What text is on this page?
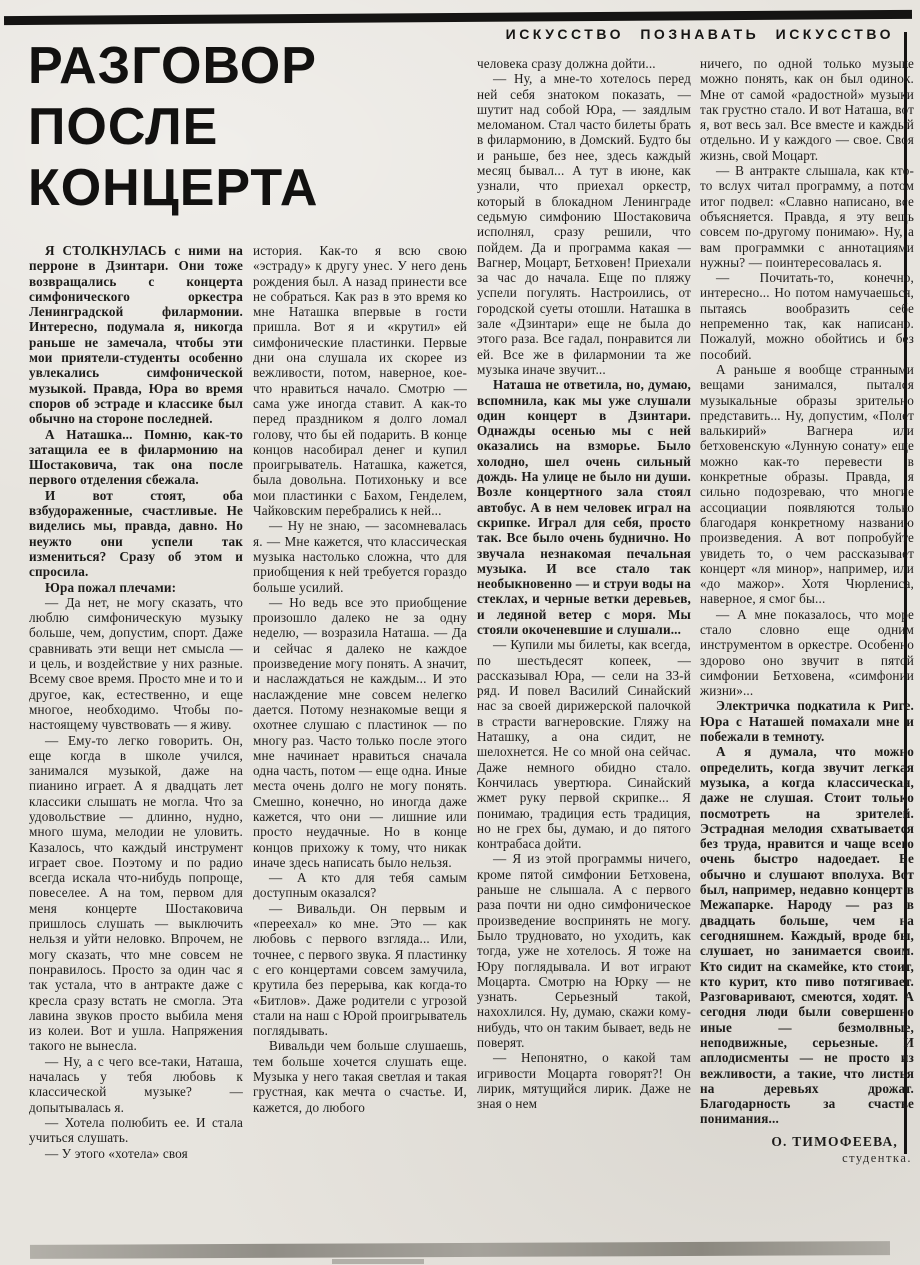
ИСКУССТВО ПОЗНАВАТЬ ИСКУССТВО
РАЗГОВОР
ПОСЛЕ
КОНЦЕРТА

Я СТОЛКНУЛАСЬ с ними на перроне в Дзинтари. Они тоже возвращались с концерта симфонического оркестра Ленинградской филармонии. Интересно, подумала я, никогда раньше не замечала, чтобы эти мои приятели-студенты особенно увлекались симфонической музыкой. Правда, Юра во время споров об эстраде и классике был обычно на стороне последней.

А Наташка... Помню, как-то затащила ее в филармонию на Шостаковича, так она после первого отделения сбежала.

И вот стоят, оба взбудораженные, счастливые. Не виделись мы, правда, давно. Но неужто они успели так измениться? Сразу об этом и спросила.

Юра пожал плечами:

— Да нет, не могу сказать, что люблю симфоническую музыку больше, чем, допустим, спорт. Даже сравнивать эти вещи нет смысла — и цель, и воздействие у них разные. Всему свое время. Просто мне и то и другое, как, естественно, и еще многое, необходимо. Чтобы по-настоящему чувствовать — я живу.

— Ему-то легко говорить. Он, еще когда в школе учился, занимался музыкой, даже на пианино играет. А я двадцать лет классики слышать не могла. Что за удовольствие — длинно, нудно, много шума, мелодии не уловить. Казалось, что каждый инструмент играет свое. Поэтому и по радио всегда искала что-нибудь попроще, повеселее. А на том, первом для меня концерте Шостаковича пришлось слушать — выключить нельзя и уйти неловко. Впрочем, не могу сказать, что мне совсем не понравилось. Просто за один час я так устала, что в антракте даже с кресла сразу встать не смогла. Эта лавина звуков просто выбила меня из колеи. Вот и ушла. Напряжения такого не вынесла.

— Ну, а с чего все-таки, Наташа, началась у тебя любовь к классической музыке? — допытывалась я.

— Хотела полюбить ее. И стала учиться слушать.

— У этого «хотела» своя

история. Как-то я всю свою «эстраду» к другу унес. У него день рождения был. А назад принести все не собраться. Как раз в это время ко мне Наташка впервые в гости пришла. Вот я и «крутил» ей симфонические пластинки. Первые дни она слушала их скорее из вежливости, потом, наверное, кое-что нравиться начало. Смотрю — сама уже иногда ставит. А как-то перед праздником я долго ломал голову, что бы ей подарить. В конце концов насобирал денег и купил проигрыватель. Наташка, кажется, была довольна. Потихоньку и все мои пластинки с Бахом, Генделем, Чайковским перебрались к ней...

— Ну не знаю, — засомневалась я. — Мне кажется, что классическая музыка настолько сложна, что для приобщения к ней требуется гораздо больше усилий.

— Но ведь все это приобщение произошло далеко не за одну неделю, — возразила Наташа. — Да и сейчас я далеко не каждое произведение могу понять. А значит, и наслаждаться не каждым... И это наслаждение мне совсем нелегко дается. Потому незнакомые вещи я охотнее слушаю с пластинок — по многу раз. Часто только после этого мне начинает нравиться сначала одна часть, потом — еще одна. Иные места очень долго не могу понять. Смешно, конечно, но иногда даже кажется, что они — лишние или просто неудачные. Но в конце концов прихожу к тому, что никак иначе здесь написать было нельзя.

— А кто для тебя самым доступным оказался?

— Вивальди. Он первым и «переехал» ко мне. Это — как любовь с первого взгляда... Или, точнее, с первого звука. Я пластинку с его концертами совсем замучила, крутила без перерыва, как когда-то «Битлов». Даже родители с угрозой стали на наш с Юрой проигрыватель поглядывать.

Вивальди чем больше слушаешь, тем больше хочется слушать еще. Музыка у него такая светлая и такая грустная, как мечта о счастье. И, кажется, до любого

человека сразу должна дойти...

— Ну, а мне-то хотелось перед ней себя знатоком показать, — шутит над собой Юра, — заядлым меломаном. Стал часто билеты брать в филармонию, в Домский. Будто бы и раньше, без нее, здесь каждый месяц бывал... А тут в июне, как узнали, что приехал оркестр, который в блокадном Ленинграде седьмую симфонию Шостаковича исполнял, сразу решили, что пойдем. Да и программа какая — Вагнер, Моцарт, Бетховен! Приехали за час до начала. Еще по пляжу успели погулять. Настроились, от городской суеты отошли. Наташка в зале «Дзинтари» еще не была до этого раза. Все гадал, понравится ли ей. Все же в филармонии та же музыка иначе звучит...

Наташа не ответила, но, думаю, вспомнила, как мы уже слушали один концерт в Дзинтари. Однажды осенью мы с ней оказались на взморье. Было холодно, шел очень сильный дождь. На улице не было ни души. Возле концертного зала стоял автобус. А в нем человек играл на скрипке. Играл для себя, просто так. Все было очень буднично. Но звучала незнакомая печальная музыка. И все стало так необыкновенно — и струи воды на стеклах, и черные ветки деревьев, и ледяной ветер с моря. Мы стояли окоченевшие и слушали...

— Купили мы билеты, как всегда, по шестьдесят копеек, — рассказывал Юра, — сели на 33-й ряд. И повел Василий Синайский нас за своей дирижерской палочкой в страсти вагнеровские. Гляжу на Наташку, а она сидит, не шелохнется. Не со мной она сейчас. Даже немного обидно стало. Кончилась увертюра. Синайский жмет руку первой скрипке... Я понимаю, традиция есть традиция, но не грех бы, думаю, и до пятого контрабаса дойти.

— Я из этой программы ничего, кроме пятой симфонии Бетховена, раньше не слышала. А с первого раза почти ни одно симфоническое произведение воспринять не могу. Было трудновато, но уходить, как тогда, уже не хотелось. Я тоже на Юру поглядывала. И вот играют Моцарта. Смотрю на Юрку — не узнать. Серьезный такой, нахохлился. Ну, думаю, скажи кому-нибудь, что он таким бывает, ведь не поверят.

— Непонятно, о какой там игривости Моцарта говорят?! Он лирик, мятущийся лирик. Даже не зная о нем

ничего, по одной только музыке можно понять, как он был одинок. Мне от самой «радостной» музыки так грустно стало. И вот Наташа, вот я, вот весь зал. Все вместе и каждый отдельно. И у каждого — свое. Своя жизнь, свой Моцарт.

— В антракте слышала, как кто-то вслух читал программу, а потом итог подвел: «Славно написано, все объясняется. Правда, я эту вещь совсем по-другому понимаю». Ну, а вам программки с аннотациями нужны? — поинтересовалась я.

— Почитать-то, конечно, интересно... Но потом намучаешься, пытаясь вообразить себе непременно так, как написано. Пожалуй, можно обойтись и без пособий.

А раньше я вообще странными вещами занимался, пытался музыкальные образы зрительно представить... Ну, допустим, «Полет валькирий» Вагнера или бетховенскую «Лунную сонату» еще можно как-то перевести в конкретные образы. Правда, я сильно подозреваю, что многие ассоциации появляются только благодаря конкретному названию произведения. А вот попробуйте увидеть то, о чем рассказывает концерт «ля минор», например, или «до мажор». Хотя Чюрлениса, наверное, я смог бы...

— А мне показалось, что море стало словно еще одним инструментом в оркестре. Особенно здорово оно звучит в пятой симфонии Бетховена, «симфонии жизни»...

Электричка подкатила к Риге. Юра с Наташей помахали мне и побежали в темноту.

А я думала, что можно определить, когда звучит легкая музыка, а когда классическая, даже не слушая. Стоит только посмотреть на зрителей. Эстрадная мелодия схватывается без труда, нравится и чаще всего очень быстро надоедает. Ее обычно и слушают вполуха. Вот был, например, недавно концерт в Межапарке. Народу — раз в двадцать больше, чем на сегодняшнем. Каждый, вроде бы, слушает, но занимается своим. Кто сидит на скамейке, кто стоит, кто курит, кто пиво потягивает. Разговаривают, смеются, ходят. А сегодня люди были совершенно иные — безмолвные, неподвижные, серьезные. И аплодисменты — не просто из вежливости, а такие, что листья на деревьях дрожат. Благодарность за счастье понимания...

О. ТИМОФЕЕВА,
студентка.
